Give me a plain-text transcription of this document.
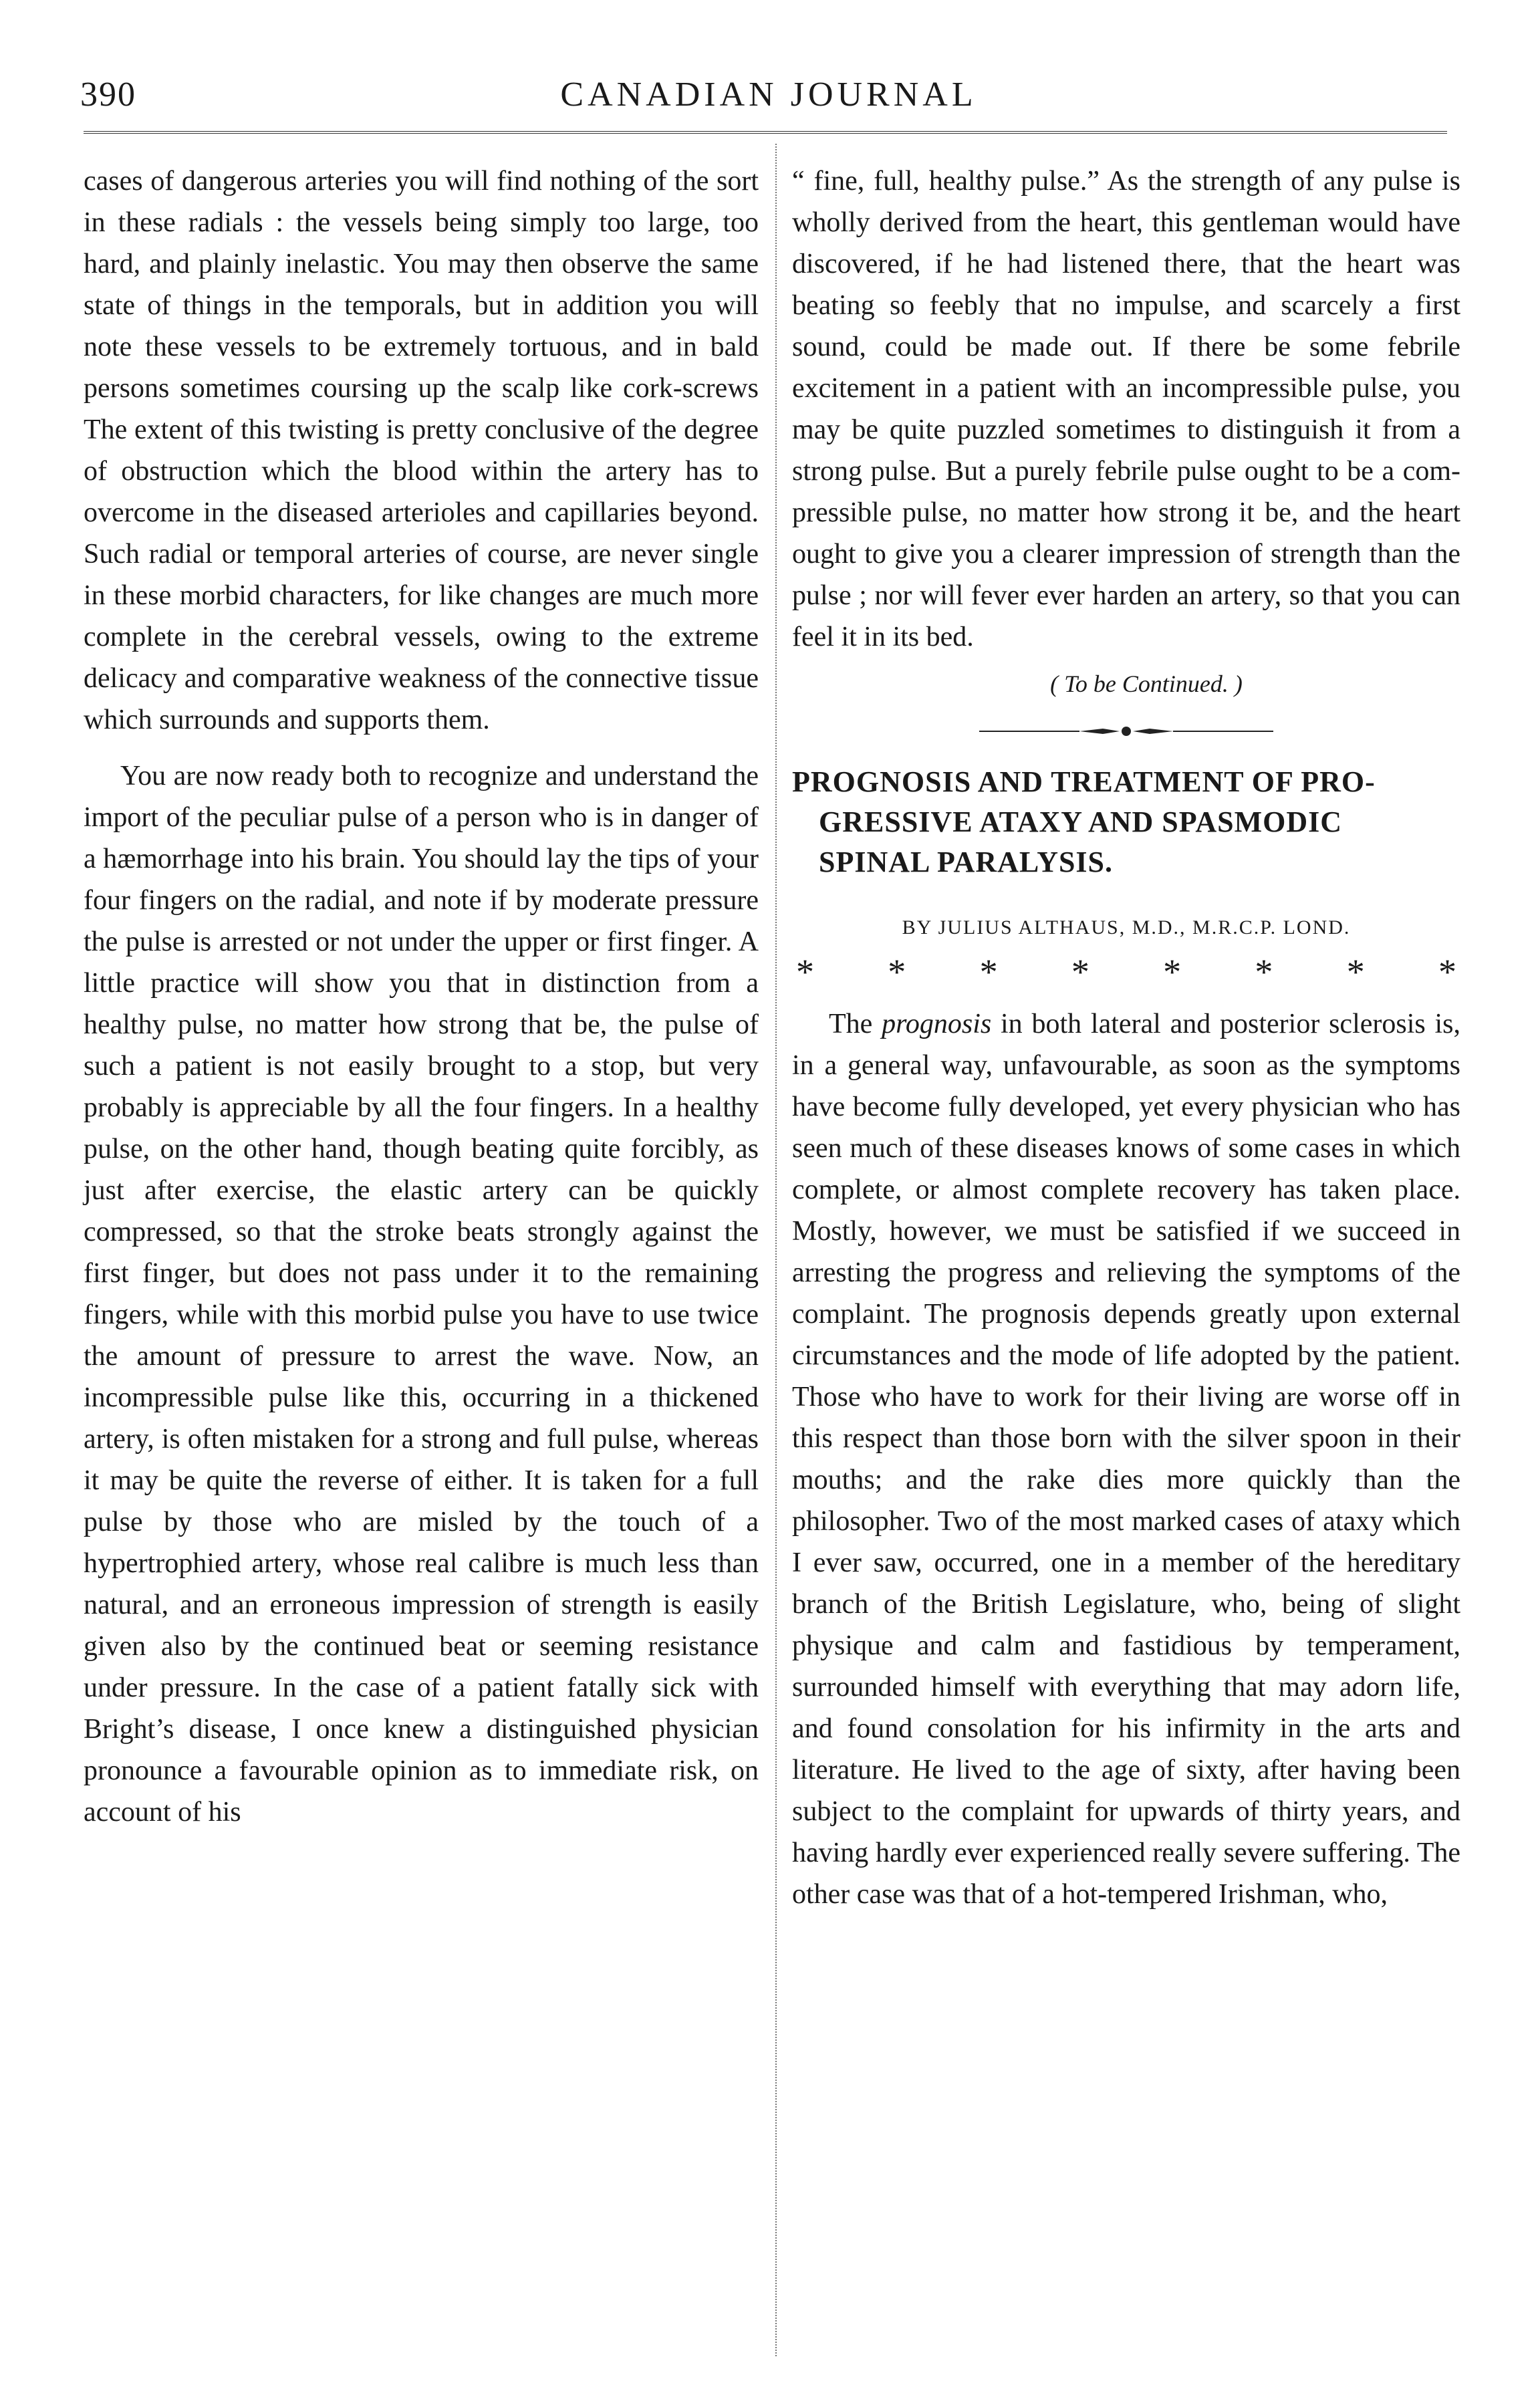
390	CANADIAN JOURNAL

cases of dangerous arteries you will find nothing of the sort in these radials : the vessels being simply too large, too hard, and plainly inelastic. You may then observe the same state of things in the temporals, but in addition you will note these vessels to be extremely tortuous, and in bald persons sometimes coursing up the scalp like cork-screws The extent of this twisting is pretty conclusive of the degree of obstruction which the blood within the artery has to overcome in the diseased arterioles and capillaries beyond. Such radial or temporal arteries of course, are never single in these morbid characters, for like changes are much more complete in the cerebral vessels, owing to the extreme delicacy and comparative weakness of the connective tissue which surrounds and supports them.

You are now ready both to recognize and understand the import of the peculiar pulse of a person who is in danger of a hæmorrhage into his brain. You should lay the tips of your four fingers on the radial, and note if by moderate pressure the pulse is arrested or not under the upper or first finger. A little practice will show you that in distinction from a healthy pulse, no matter how strong that be, the pulse of such a patient is not easily brought to a stop, but very probably is appreciable by all the four fingers. In a healthy pulse, on the other hand, though beating quite forcibly, as just after exercise, the elastic artery can be quickly compressed, so that the stroke beats strongly against the first finger, but does not pass under it to the remaining fingers, while with this morbid pulse you have to use twice the amount of pressure to arrest the wave. Now, an incompressible pulse like this, occurring in a thickened artery, is often mistaken for a strong and full pulse, whereas it may be quite the reverse of either. It is taken for a full pulse by those who are misled by the touch of a hypertrophied artery, whose real calibre is much less than natural, and an erroneous impression of strength is easily given also by the continued beat or seeming resistance under pressure. In the case of a patient fatally sick with Bright’s disease, I once knew a distinguished physician pronounce a favourable opinion as to immediate risk, on account of his

“ fine, full, healthy pulse.” As the strength of any pulse is wholly derived from the heart, this gentleman would have discovered, if he had listened there, that the heart was beating so feebly that no impulse, and scarcely a first sound, could be made out. If there be some febrile excitement in a patient with an incompressible pulse, you may be quite puzzled sometimes to distinguish it from a strong pulse. But a purely febrile pulse ought to be a compressible pulse, no matter how strong it be, and the heart ought to give you a clearer impression of strength than the pulse ; nor will fever ever harden an artery, so that you can feel it in its bed.

( To be Continued. )
PROGNOSIS AND TREATMENT OF PRO-
GRESSIVE ATAXY AND SPASMODIC
SPINAL PARALYSIS.
BY JULIUS ALTHAUS, M.D., M.R.C.P. LOND.
* * * * * * * *

The prognosis in both lateral and posterior sclerosis is, in a general way, unfavourable, as soon as the symptoms have become fully developed, yet every physician who has seen much of these diseases knows of some cases in which complete, or almost complete recovery has taken place. Mostly, however, we must be satisfied if we succeed in arresting the progress and relieving the symptoms of the complaint. The prognosis depends greatly upon external circumstances and the mode of life adopted by the patient. Those who have to work for their living are worse off in this respect than those born with the silver spoon in their mouths; and the rake dies more quickly than the philosopher. Two of the most marked cases of ataxy which I ever saw, occurred, one in a member of the hereditary branch of the British Legislature, who, being of slight physique and calm and fastidious by temperament, surrounded himself with everything that may adorn life, and found consolation for his infirmity in the arts and literature. He lived to the age of sixty, after having been subject to the complaint for upwards of thirty years, and having hardly ever experienced really severe suffering. The other case was that of a hot-tempered Irishman, who,
